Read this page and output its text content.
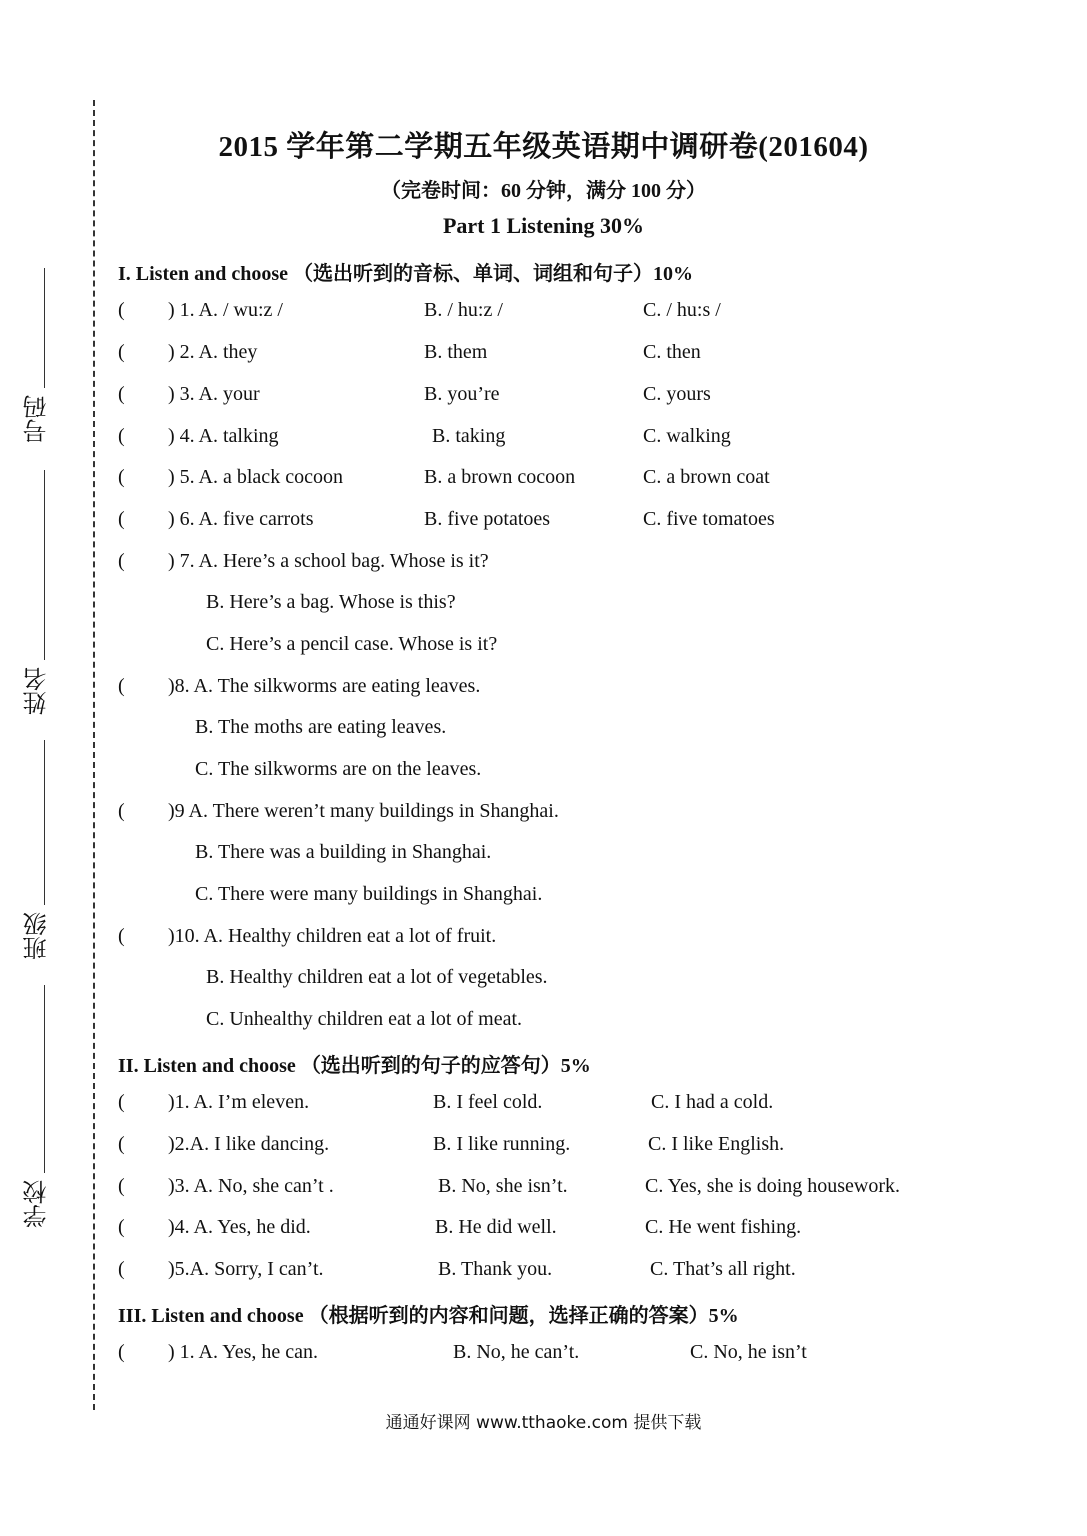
号码
姓名
班级
学校
2015 学年第二学期五年级英语期中调研卷(201604)
（完卷时间：60 分钟，满分 100 分）
Part 1 Listening 30%
I. Listen and choose （选出听到的音标、单词、词组和句子）10%
( ) 1. A. / wu:z /	B. / hu:z /	C. / hu:s /
( ) 2. A. they	B. them	C. then
( ) 3. A. your	B. you’re	C. yours
( ) 4. A. talking	B. taking	C. walking
( ) 5. A. a black cocoon	B. a brown cocoon	C. a brown coat
( ) 6. A. five carrots	B. five potatoes	C. five tomatoes
( ) 7. A. Here’s a school bag. Whose is it?
B. Here’s a bag. Whose is this?
C. Here’s a pencil case. Whose is it?
( )8. A. The silkworms are eating leaves.
B. The moths are eating leaves.
C. The silkworms are on the leaves.
( )9 A. There weren’t many buildings in Shanghai.
B. There was a building in Shanghai.
C. There were many buildings in Shanghai.
( )10. A. Healthy children eat a lot of fruit.
B. Healthy children eat a lot of vegetables.
C. Unhealthy children eat a lot of meat.
II. Listen and choose （选出听到的句子的应答句）5%
( )1. A. I’m eleven.	B. I feel cold.	C. I had a cold.
( )2.A. I like dancing.	B. I like running.	C. I like English.
( )3. A. No, she can’t .	B. No, she isn’t.	C. Yes, she is doing housework.
( )4. A. Yes, he did.	B. He did well.	C. He went fishing.
( )5.A. Sorry, I can’t.	B. Thank you.	C. That’s all right.
III. Listen and choose （根据听到的内容和问题，选择正确的答案）5%
( ) 1. A. Yes, he can.	B. No, he can’t.	C. No, he isn’t
通通好课网 www.tthaoke.com 提供下载
